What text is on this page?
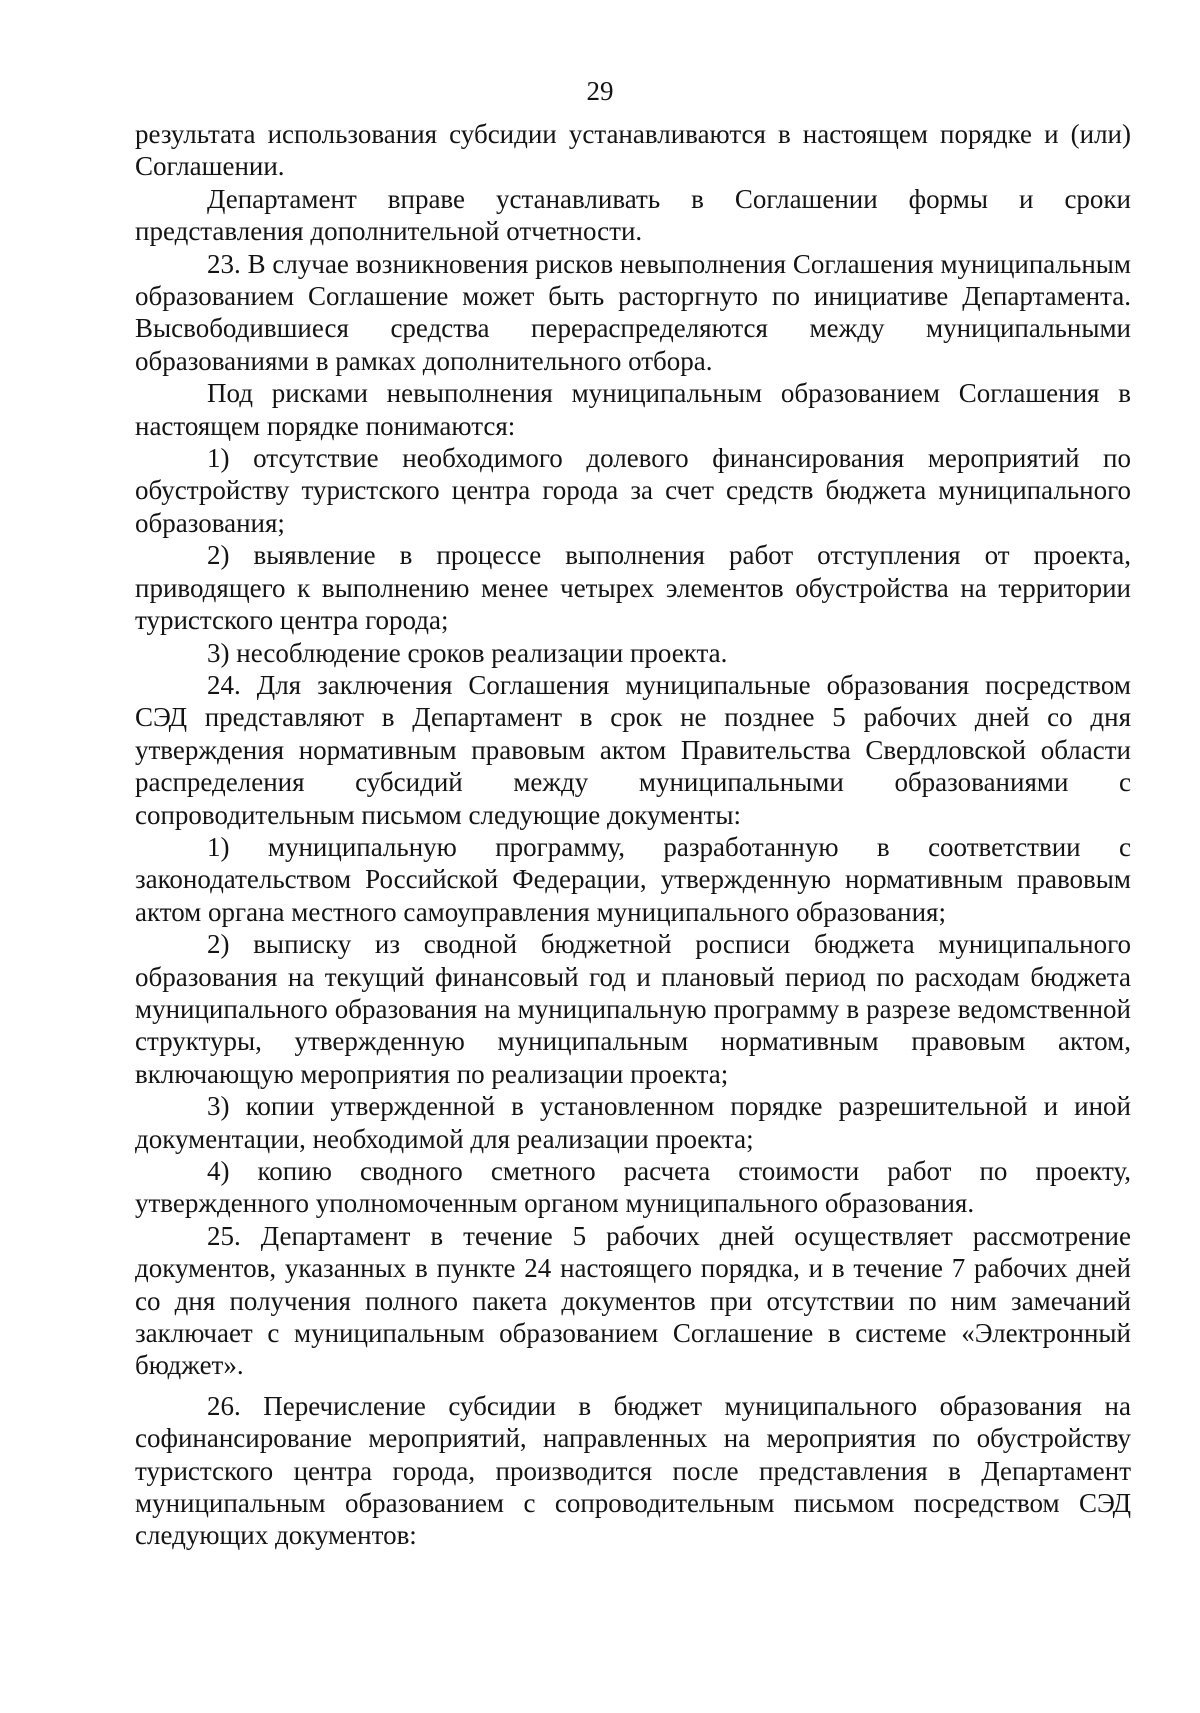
29

результата использования субсидии устанавливаются в настоящем порядке и (или) Соглашении.

Департамент вправе устанавливать в Соглашении формы и сроки представления дополнительной отчетности.

23. В случае возникновения рисков невыполнения Соглашения муниципальным образованием Соглашение может быть расторгнуто по инициативе Департамента. Высвободившиеся средства перераспределяются между муниципальными образованиями в рамках дополнительного отбора.

Под рисками невыполнения муниципальным образованием Соглашения в настоящем порядке понимаются:

1) отсутствие необходимого долевого финансирования мероприятий по обустройству туристского центра города за счет средств бюджета муниципального образования;

2) выявление в процессе выполнения работ отступления от проекта, приводящего к выполнению менее четырех элементов обустройства на территории туристского центра города;

3) несоблюдение сроков реализации проекта.

24. Для заключения Соглашения муниципальные образования посредством СЭД представляют в Департамент в срок не позднее 5 рабочих дней со дня утверждения нормативным правовым актом Правительства Свердловской области распределения субсидий между муниципальными образованиями с сопроводительным письмом следующие документы:

1) муниципальную программу, разработанную в соответствии с законодательством Российской Федерации, утвержденную нормативным правовым актом органа местного самоуправления муниципального образования;

2) выписку из сводной бюджетной росписи бюджета муниципального образования на текущий финансовый год и плановый период по расходам бюджета муниципального образования на муниципальную программу в разрезе ведомственной структуры, утвержденную муниципальным нормативным правовым актом, включающую мероприятия по реализации проекта;

3) копии утвержденной в установленном порядке разрешительной и иной документации, необходимой для реализации проекта;

4) копию сводного сметного расчета стоимости работ по проекту, утвержденного уполномоченным органом муниципального образования.

25. Департамент в течение 5 рабочих дней осуществляет рассмотрение документов, указанных в пункте 24 настоящего порядка, и в течение 7 рабочих дней со дня получения полного пакета документов при отсутствии по ним замечаний заключает с муниципальным образованием Соглашение в системе «Электронный бюджет».

26. Перечисление субсидии в бюджет муниципального образования на софинансирование мероприятий, направленных на мероприятия по обустройству туристского центра города, производится после представления в Департамент муниципальным образованием с сопроводительным письмом посредством СЭД следующих документов:
